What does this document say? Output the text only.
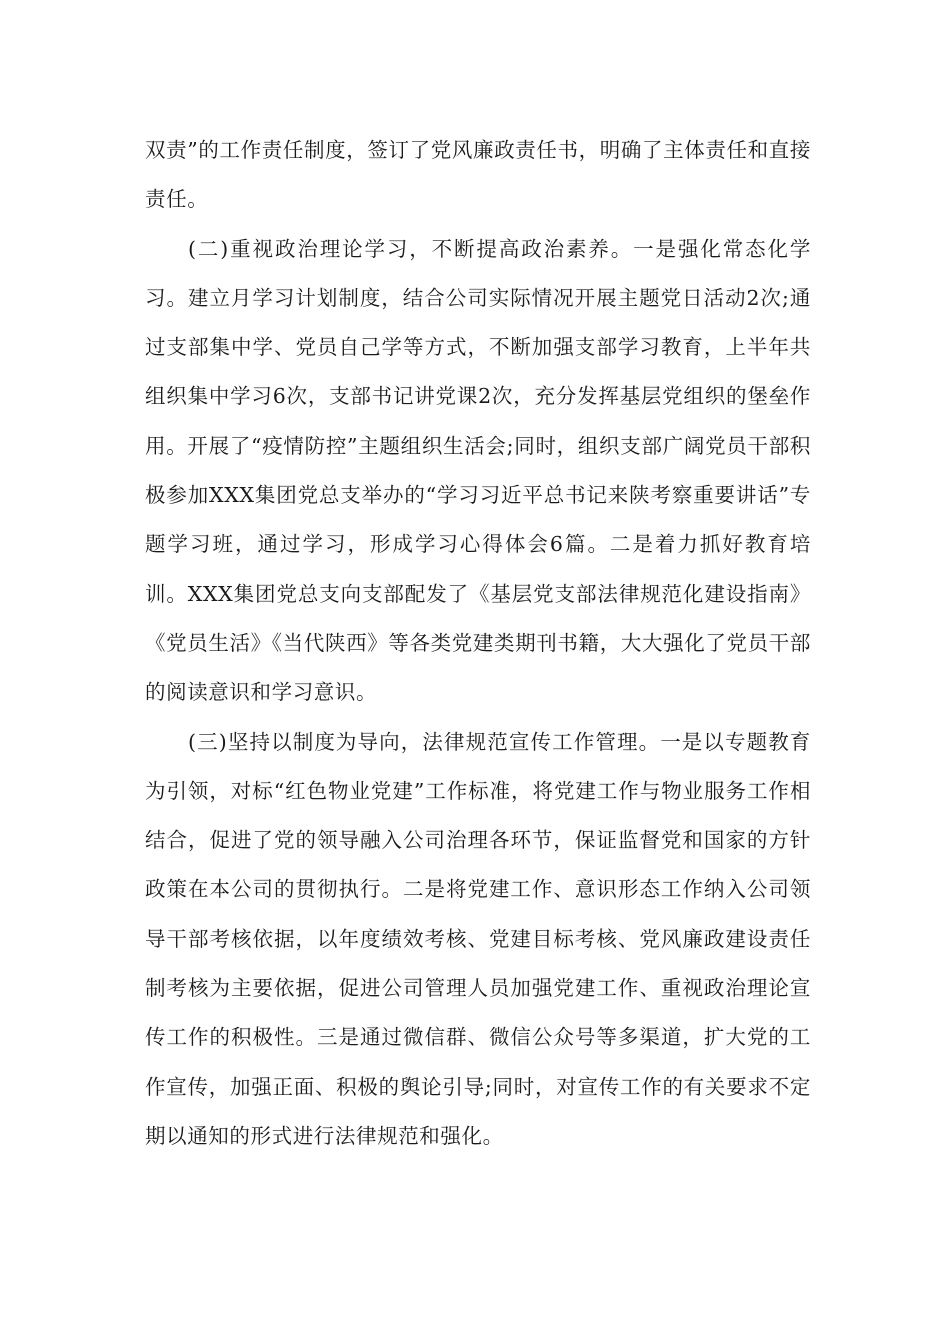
双责”的工作责任制度，签订了党风廉政责任书，明确了主体责任和直接责任。

(二)重视政治理论学习，不断提高政治素养。一是强化常态化学习。建立月学习计划制度，结合公司实际情况开展主题党日活动2次;通过支部集中学、党员自己学等方式，不断加强支部学习教育，上半年共组织集中学习6次，支部书记讲党课2次，充分发挥基层党组织的堡垒作用。开展了“疫情防控”主题组织生活会;同时，组织支部广阔党员干部积极参加XXX集团党总支举办的“学习习近平总书记来陕考察重要讲话”专题学习班，通过学习，形成学习心得体会6篇。二是着力抓好教育培训。XXX集团党总支向支部配发了《基层党支部法律规范化建设指南》《党员生活》《当代陕西》等各类党建类期刊书籍，大大强化了党员干部的阅读意识和学习意识。

(三)坚持以制度为导向，法律规范宣传工作管理。一是以专题教育为引领，对标“红色物业党建”工作标准，将党建工作与物业服务工作相结合，促进了党的领导融入公司治理各环节，保证监督党和国家的方针政策在本公司的贯彻执行。二是将党建工作、意识形态工作纳入公司领导干部考核依据，以年度绩效考核、党建目标考核、党风廉政建设责任制考核为主要依据，促进公司管理人员加强党建工作、重视政治理论宣传工作的积极性。三是通过微信群、微信公众号等多渠道，扩大党的工作宣传，加强正面、积极的舆论引导;同时，对宣传工作的有关要求不定期以通知的形式进行法律规范和强化。
